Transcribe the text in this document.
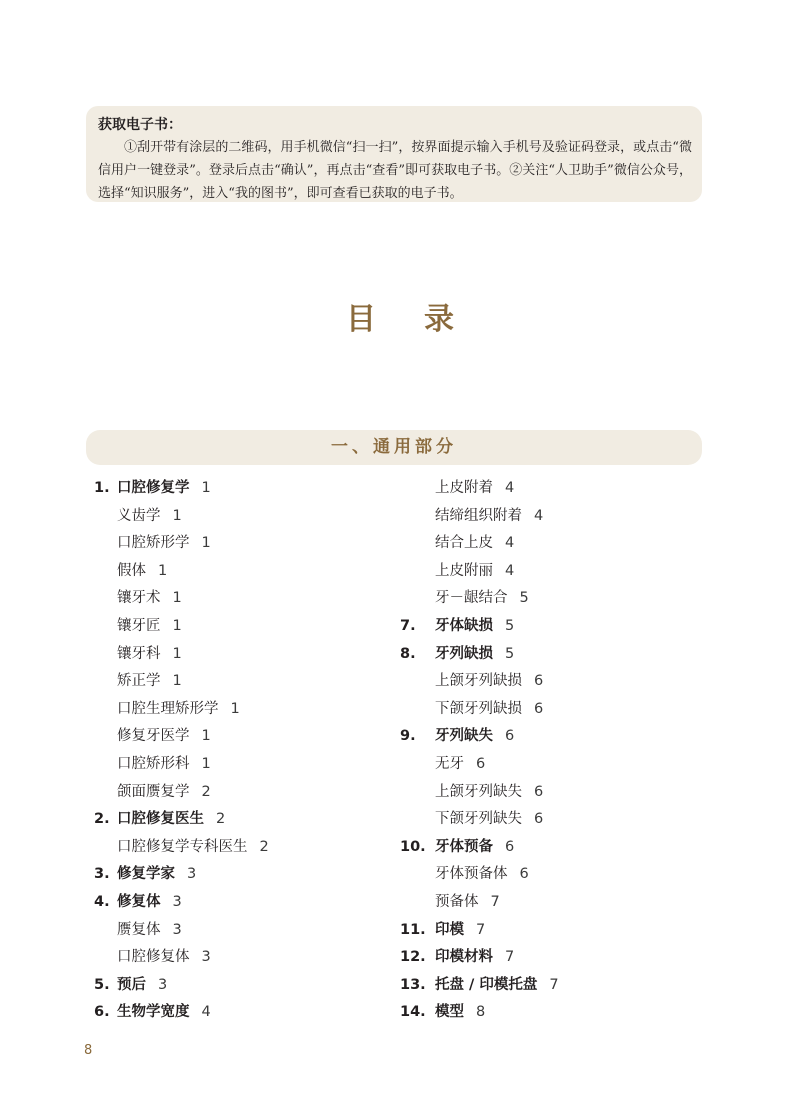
获取电子书：
①刮开带有涂层的二维码，用手机微信“扫一扫”，按界面提示输入手机号及验证码登录，或点击“微信用户一键登录”。登录后点击“确认”，再点击“查看”即可获取电子书。②关注“人卫助手”微信公众号，选择“知识服务”，进入“我的图书”，即可查看已获取的电子书。
目录
一、通用部分
1. 口腔修复学 1
义齿学 1
口腔矫形学 1
假体 1
镶牙术 1
镶牙匠 1
镶牙科 1
矫正学 1
口腔生理矫形学 1
修复牙医学 1
口腔矫形科 1
颌面赝复学 2
2. 口腔修复医生 2
口腔修复学专科医生 2
3. 修复学家 3
4. 修复体 3
赝复体 3
口腔修复体 3
5. 预后 3
6. 生物学宽度 4
上皮附着 4
结缔组织附着 4
结合上皮 4
上皮附丽 4
牙－龈结合 5
7. 牙体缺损 5
8. 牙列缺损 5
上颌牙列缺损 6
下颌牙列缺损 6
9. 牙列缺失 6
无牙 6
上颌牙列缺失 6
下颌牙列缺失 6
10. 牙体预备 6
牙体预备体 6
预备体 7
11. 印模 7
12. 印模材料 7
13. 托盘 / 印模托盘 7
14. 模型 8
8
